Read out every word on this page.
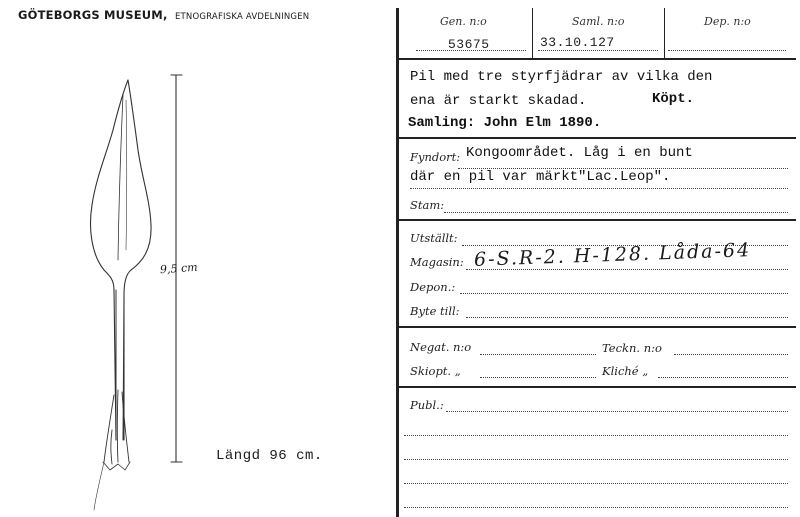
GÖTEBORGS MUSEUM, ETNOGRAFISKA AVDELNINGEN
9,5 cm
Längd 96 cm.
Gen. n:o	Saml. n:o	Dep. n:o
53675	33.10.127
Pil med tre styrfjädrar av vilka den
ena är starkt skadad.	Köpt.
Samling: John Elm 1890.
Fyndort: Kongoområdet. Låg i en bunt
där en pil var märkt"Lac.Leop".
Stam:
Utställt:
Magasin: 6-S.R-2. H-128. Låda-64
Depon.:
Byte till:
Negat. n:o	Teckn. n:o
Skiopt. „	Kliché „
Publ.:
